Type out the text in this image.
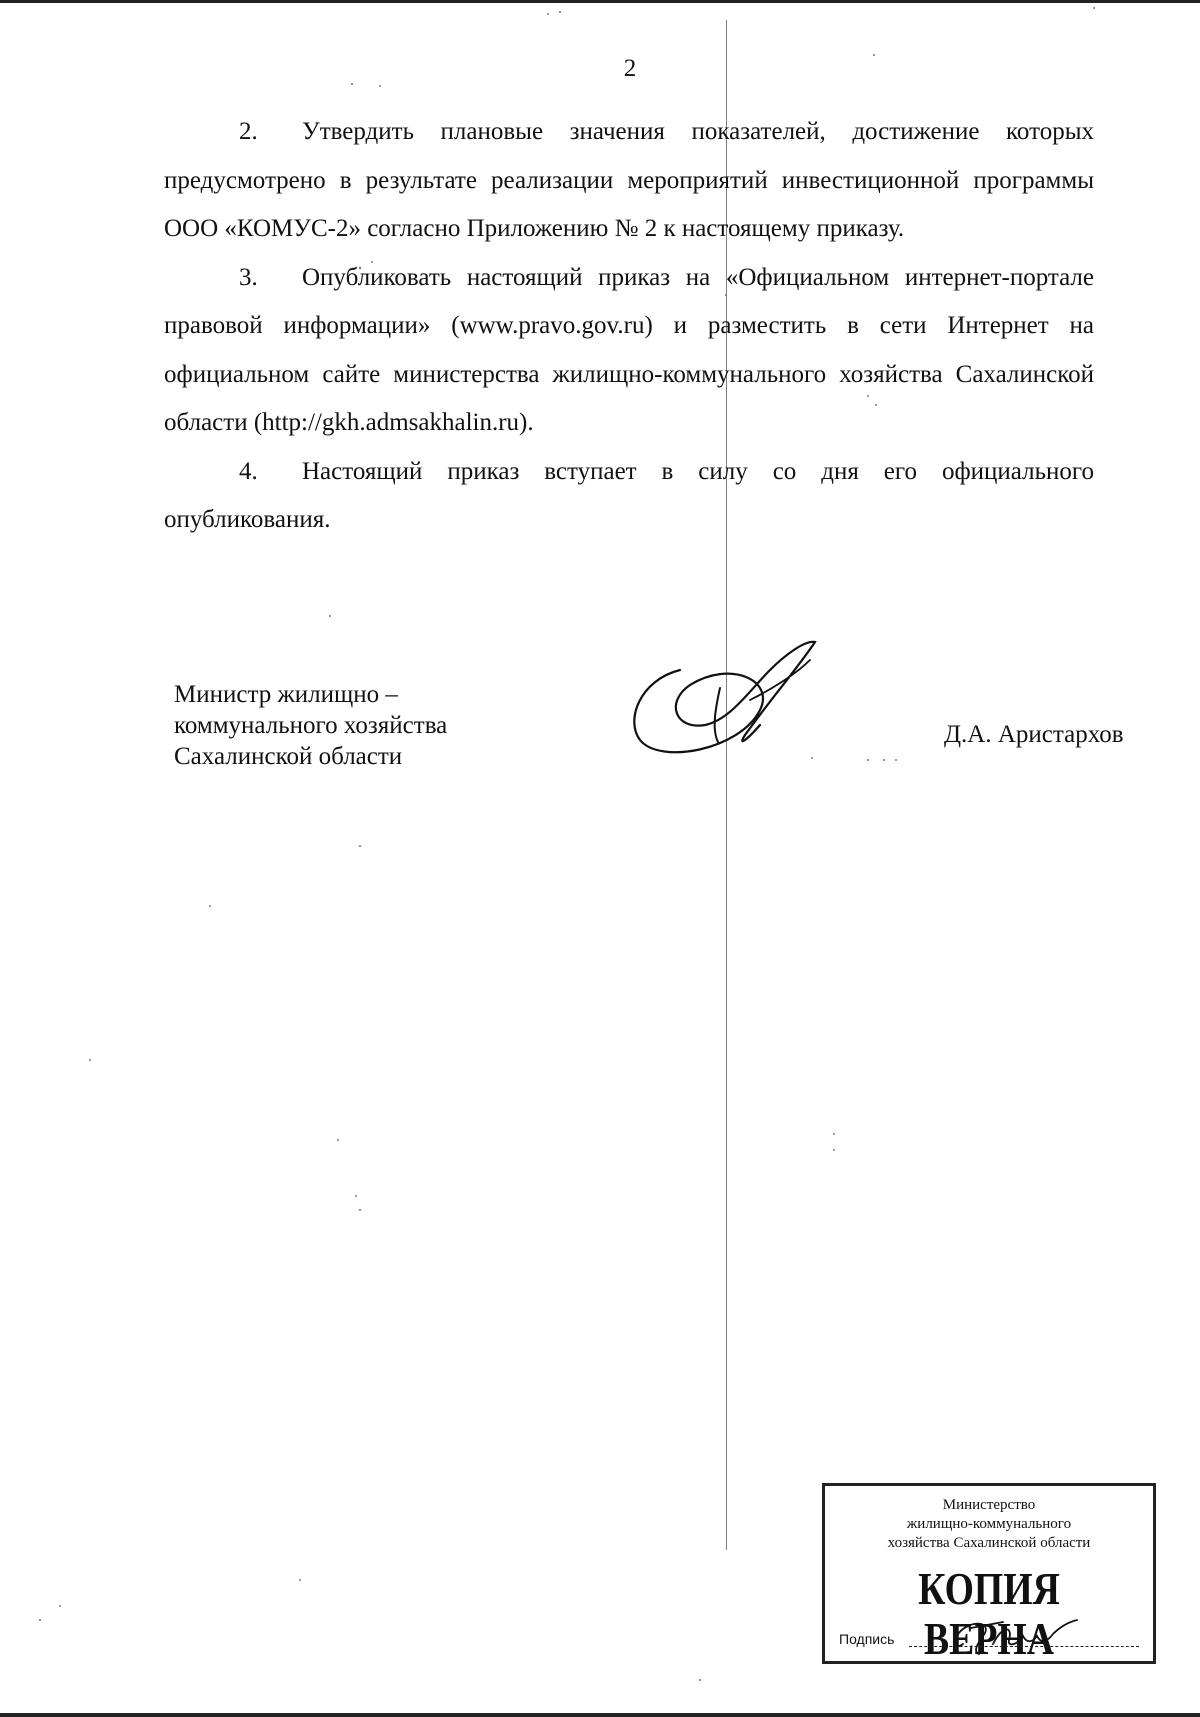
2

2. Утвердить плановые значения показателей, достижение которых предусмотрено в результате реализации мероприятий инвестиционной программы ООО «КОМУС-2» согласно Приложению № 2 к настоящему приказу.

3. Опубликовать настоящий приказ на «Официальном интернет-портале правовой информации» (www.pravo.gov.ru) и разместить в сети Интернет на официальном сайте министерства жилищно-коммунального хозяйства Сахалинской области (http://gkh.admsakhalin.ru).

4. Настоящий приказ вступает в силу со дня его официального опубликования.

Министр жилищно –
коммунального хозяйства
Сахалинской области
Д.А. Аристархов
Министерство
жилищно-коммунального
хозяйства Сахалинской области
КОПИЯ ВЕРНА
Подпись
